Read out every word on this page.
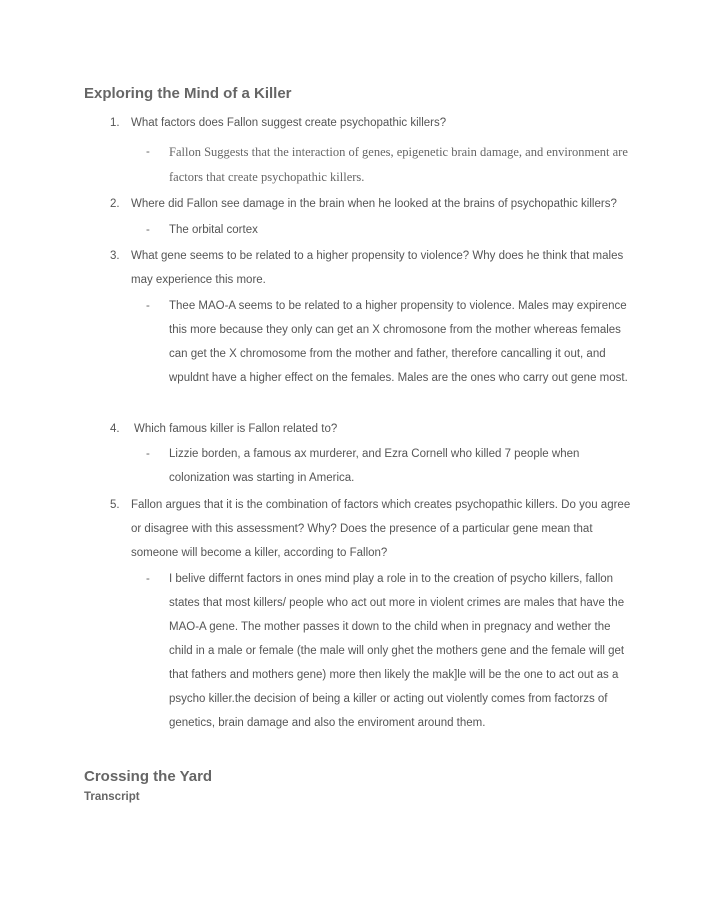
Exploring the Mind of a Killer
1. What factors does Fallon suggest create psychopathic killers?
- Fallon Suggests that the interaction of genes, epigenetic brain damage, and environment are factors that create psychopathic killers.
2. Where did Fallon see damage in the brain when he looked at the brains of psychopathic killers?
- The orbital cortex
3. What gene seems to be related to a higher propensity to violence? Why does he think that males may experience this more.
- Thee MAO-A seems to be related to a higher propensity to violence. Males may expirence this more because they only can get an X chromosone from the mother whereas females can get the X chromosome from the mother and father, therefore cancalling it out, and wpuldnt have a higher effect on the females. Males are the ones who carry out gene most.
4. Which famous killer is Fallon related to?
- Lizzie borden, a famous ax murderer, and Ezra Cornell who killed 7 people when colonization was starting in America.
5. Fallon argues that it is the combination of factors which creates psychopathic killers. Do you agree or disagree with this assessment? Why? Does the presence of a particular gene mean that someone will become a killer, according to Fallon?
- I belive differnt factors in ones mind play a role in to the creation of psycho killers, fallon states that most killers/ people who act out more in violent crimes are males that have the MAO-A gene. The mother passes it down to the child when in pregnacy and wether the child in a male or female (the male will only ghet the mothers gene and the female will get that fathers and mothers gene) more then likely the mak]le will be the one to act out as a psycho killer.the decision of being a killer or acting out violently comes from factorzs of genetics, brain damage and also the enviroment around them.
Crossing the Yard
Transcript
